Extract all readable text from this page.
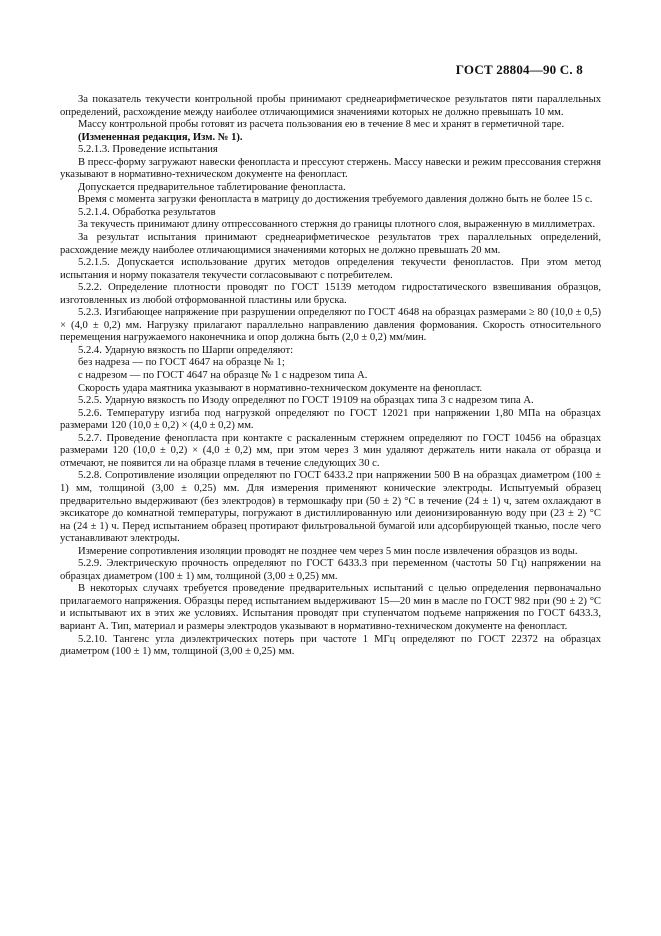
ГОСТ 28804—90 С. 8

За показатель текучести контрольной пробы принимают среднеарифметическое результатов пяти параллельных определений, расхождение между наиболее отличающимися значениями которых не должно превышать 10 мм.

Массу контрольной пробы готовят из расчета пользования ею в течение 8 мес и хранят в герметичной таре.

(Измененная редакция, Изм. № 1).

5.2.1.3. Проведение испытания

В пресс-форму загружают навески фенопласта и прессуют стержень. Массу навески и режим прессования стержня указывают в нормативно-техническом документе на фенопласт.

Допускается предварительное таблетирование фенопласта.

Время с момента загрузки фенопласта в матрицу до достижения требуемого давления должно быть не более 15 с.

5.2.1.4. Обработка результатов

За текучесть принимают длину отпрессованного стержня до границы плотного слоя, выраженную в миллиметрах.

За результат испытания принимают среднеарифметическое результатов трех параллельных определений, расхождение между наиболее отличающимися значениями которых не должно превышать 20 мм.

5.2.1.5. Допускается использование других методов определения текучести фенопластов. При этом метод испытания и норму показателя текучести согласовывают с потребителем.

5.2.2. Определение плотности проводят по ГОСТ 15139 методом гидростатического взвешивания образцов, изготовленных из любой отформованной пластины или бруска.

5.2.3. Изгибающее напряжение при разрушении определяют по ГОСТ 4648 на образцах размерами ≥ 80 (10,0 ± 0,5) × (4,0 ± 0,2) мм. Нагрузку прилагают параллельно направлению давления формования. Скорость относительного перемещения нагружаемого наконечника и опор должна быть (2,0 ± 0,2) мм/мин.

5.2.4. Ударную вязкость по Шарпи определяют:

без надреза — по ГОСТ 4647 на образце № 1;

с надрезом — по ГОСТ 4647 на образце № 1 с надрезом типа А.

Скорость удара маятника указывают в нормативно-техническом документе на фенопласт.

5.2.5. Ударную вязкость по Изоду определяют по ГОСТ 19109 на образцах типа 3 с надрезом типа А.

5.2.6. Температуру изгиба под нагрузкой определяют по ГОСТ 12021 при напряжении 1,80 МПа на образцах размерами 120 (10,0 ± 0,2) × (4,0 ± 0,2) мм.

5.2.7. Проведение фенопласта при контакте с раскаленным стержнем определяют по ГОСТ 10456 на образцах размерами 120 (10,0 ± 0,2) × (4,0 ± 0,2) мм, при этом через 3 мин удаляют держатель нити накала от образца и отмечают, не появится ли на образце пламя в течение следующих 30 с.

5.2.8. Сопротивление изоляции определяют по ГОСТ 6433.2 при напряжении 500 В на образцах диаметром (100 ± 1) мм, толщиной (3,00 ± 0,25) мм. Для измерения применяют конические электроды. Испытуемый образец предварительно выдерживают (без электродов) в термошкафу при (50 ± 2) °С в течение (24 ± 1) ч, затем охлаждают в эксикаторе до комнатной температуры, погружают в дистиллированную или деионизированную воду при (23 ± 2) °С на (24 ± 1) ч. Перед испытанием образец протирают фильтровальной бумагой или адсорбирующей тканью, после чего устанавливают электроды.

Измерение сопротивления изоляции проводят не позднее чем через 5 мин после извлечения образцов из воды.

5.2.9. Электрическую прочность определяют по ГОСТ 6433.3 при переменном (частоты 50 Гц) напряжении на образцах диаметром (100 ± 1) мм, толщиной (3,00 ± 0,25) мм.

В некоторых случаях требуется проведение предварительных испытаний с целью определения первоначально прилагаемого напряжения. Образцы перед испытанием выдерживают 15—20 мин в масле по ГОСТ 982 при (90 ± 2) °С и испытывают их в этих же условиях. Испытания проводят при ступенчатом подъеме напряжения по ГОСТ 6433.3, вариант А. Тип, материал и размеры электродов указывают в нормативно-техническом документе на фенопласт.

5.2.10. Тангенс угла диэлектрических потерь при частоте 1 МГц определяют по ГОСТ 22372 на образцах диаметром (100 ± 1) мм, толщиной (3,00 ± 0,25) мм.
